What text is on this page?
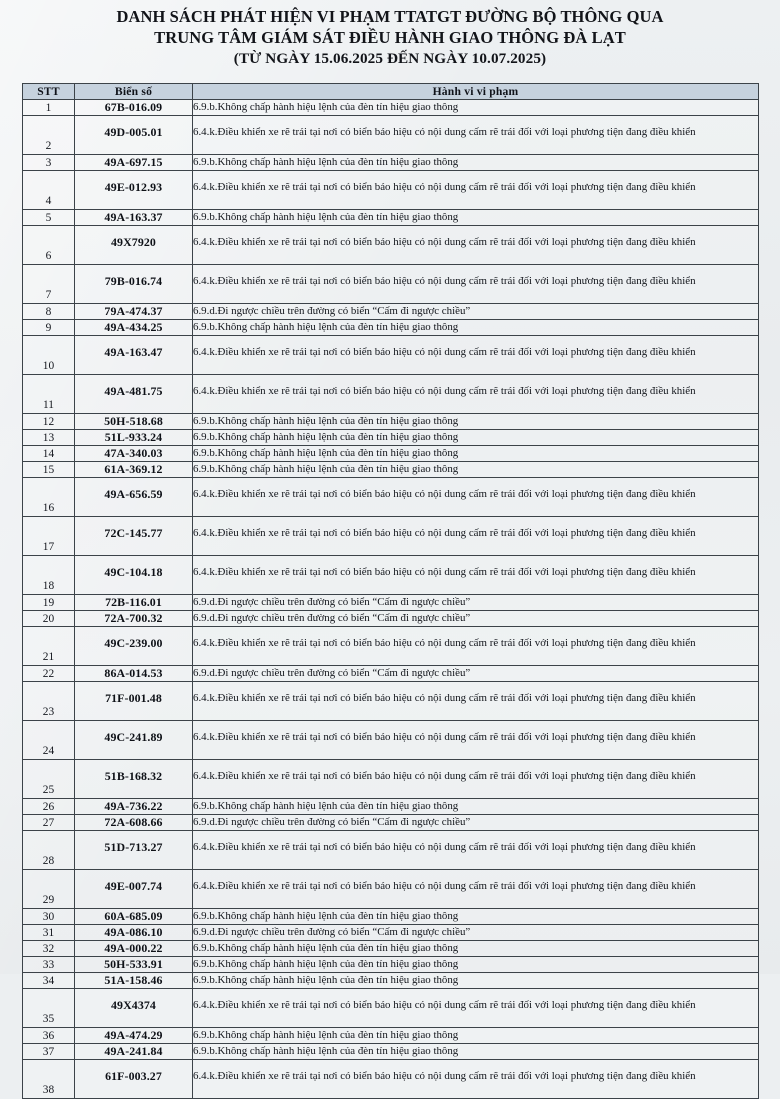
DANH SÁCH PHÁT HIỆN VI PHẠM TTATGT ĐƯỜNG BỘ THÔNG QUA
TRUNG TÂM GIÁM SÁT ĐIỀU HÀNH GIAO THÔNG ĐÀ LẠT
(TỪ NGÀY 15.06.2025 ĐẾN NGÀY 10.07.2025)
STT	Biển số	Hành vi vi phạm
1	67B-016.09	6.9.b.Không chấp hành hiệu lệnh của đèn tín hiệu giao thông
2	49D-005.01	6.4.k.Điều khiển xe rẽ trái tại nơi có biển báo hiệu có nội dung cấm rẽ trái đối với loại phương tiện đang điều khiển
3	49A-697.15	6.9.b.Không chấp hành hiệu lệnh của đèn tín hiệu giao thông
4	49E-012.93	6.4.k.Điều khiển xe rẽ trái tại nơi có biển báo hiệu có nội dung cấm rẽ trái đối với loại phương tiện đang điều khiển
5	49A-163.37	6.9.b.Không chấp hành hiệu lệnh của đèn tín hiệu giao thông
6	49X7920	6.4.k.Điều khiển xe rẽ trái tại nơi có biển báo hiệu có nội dung cấm rẽ trái đối với loại phương tiện đang điều khiển
7	79B-016.74	6.4.k.Điều khiển xe rẽ trái tại nơi có biển báo hiệu có nội dung cấm rẽ trái đối với loại phương tiện đang điều khiển
8	79A-474.37	6.9.d.Đi ngược chiều trên đường có biển “Cấm đi ngược chiều”
9	49A-434.25	6.9.b.Không chấp hành hiệu lệnh của đèn tín hiệu giao thông
10	49A-163.47	6.4.k.Điều khiển xe rẽ trái tại nơi có biển báo hiệu có nội dung cấm rẽ trái đối với loại phương tiện đang điều khiển
11	49A-481.75	6.4.k.Điều khiển xe rẽ trái tại nơi có biển báo hiệu có nội dung cấm rẽ trái đối với loại phương tiện đang điều khiển
12	50H-518.68	6.9.b.Không chấp hành hiệu lệnh của đèn tín hiệu giao thông
13	51L-933.24	6.9.b.Không chấp hành hiệu lệnh của đèn tín hiệu giao thông
14	47A-340.03	6.9.b.Không chấp hành hiệu lệnh của đèn tín hiệu giao thông
15	61A-369.12	6.9.b.Không chấp hành hiệu lệnh của đèn tín hiệu giao thông
16	49A-656.59	6.4.k.Điều khiển xe rẽ trái tại nơi có biển báo hiệu có nội dung cấm rẽ trái đối với loại phương tiện đang điều khiển
17	72C-145.77	6.4.k.Điều khiển xe rẽ trái tại nơi có biển báo hiệu có nội dung cấm rẽ trái đối với loại phương tiện đang điều khiển
18	49C-104.18	6.4.k.Điều khiển xe rẽ trái tại nơi có biển báo hiệu có nội dung cấm rẽ trái đối với loại phương tiện đang điều khiển
19	72B-116.01	6.9.d.Đi ngược chiều trên đường có biển “Cấm đi ngược chiều”
20	72A-700.32	6.9.d.Đi ngược chiều trên đường có biển “Cấm đi ngược chiều”
21	49C-239.00	6.4.k.Điều khiển xe rẽ trái tại nơi có biển báo hiệu có nội dung cấm rẽ trái đối với loại phương tiện đang điều khiển
22	86A-014.53	6.9.d.Đi ngược chiều trên đường có biển “Cấm đi ngược chiều”
23	71F-001.48	6.4.k.Điều khiển xe rẽ trái tại nơi có biển báo hiệu có nội dung cấm rẽ trái đối với loại phương tiện đang điều khiển
24	49C-241.89	6.4.k.Điều khiển xe rẽ trái tại nơi có biển báo hiệu có nội dung cấm rẽ trái đối với loại phương tiện đang điều khiển
25	51B-168.32	6.4.k.Điều khiển xe rẽ trái tại nơi có biển báo hiệu có nội dung cấm rẽ trái đối với loại phương tiện đang điều khiển
26	49A-736.22	6.9.b.Không chấp hành hiệu lệnh của đèn tín hiệu giao thông
27	72A-608.66	6.9.d.Đi ngược chiều trên đường có biển “Cấm đi ngược chiều”
28	51D-713.27	6.4.k.Điều khiển xe rẽ trái tại nơi có biển báo hiệu có nội dung cấm rẽ trái đối với loại phương tiện đang điều khiển
29	49E-007.74	6.4.k.Điều khiển xe rẽ trái tại nơi có biển báo hiệu có nội dung cấm rẽ trái đối với loại phương tiện đang điều khiển
30	60A-685.09	6.9.b.Không chấp hành hiệu lệnh của đèn tín hiệu giao thông
31	49A-086.10	6.9.d.Đi ngược chiều trên đường có biển “Cấm đi ngược chiều”
32	49A-000.22	6.9.b.Không chấp hành hiệu lệnh của đèn tín hiệu giao thông
33	50H-533.91	6.9.b.Không chấp hành hiệu lệnh của đèn tín hiệu giao thông
34	51A-158.46	6.9.b.Không chấp hành hiệu lệnh của đèn tín hiệu giao thông
35	49X4374	6.4.k.Điều khiển xe rẽ trái tại nơi có biển báo hiệu có nội dung cấm rẽ trái đối với loại phương tiện đang điều khiển
36	49A-474.29	6.9.b.Không chấp hành hiệu lệnh của đèn tín hiệu giao thông
37	49A-241.84	6.9.b.Không chấp hành hiệu lệnh của đèn tín hiệu giao thông
38	61F-003.27	6.4.k.Điều khiển xe rẽ trái tại nơi có biển báo hiệu có nội dung cấm rẽ trái đối với loại phương tiện đang điều khiển
